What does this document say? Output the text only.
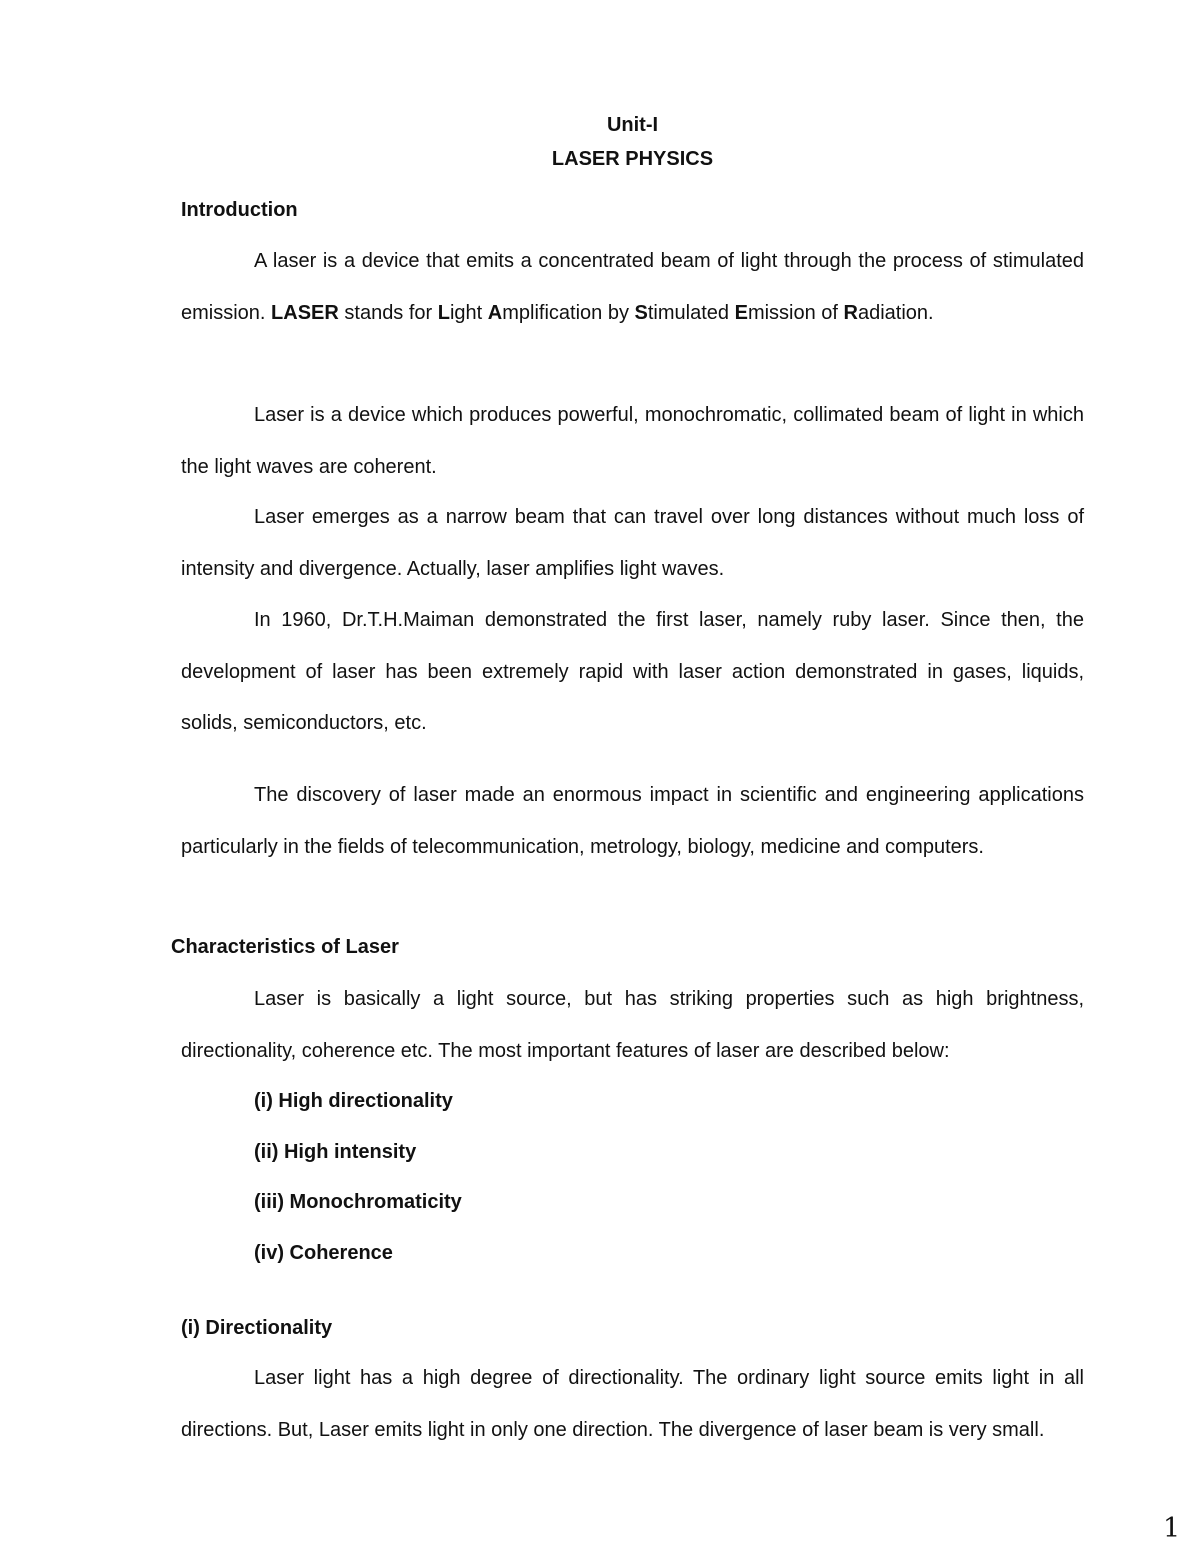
Unit-I
LASER PHYSICS
Introduction
A laser is a device that emits a concentrated beam of light through the process of stimulated emission. LASER stands for Light Amplification by Stimulated Emission of Radiation.
Laser is a device which produces powerful, monochromatic, collimated beam of light in which the light waves are coherent.
Laser emerges as a narrow beam that can travel over long distances without much loss of intensity and divergence. Actually, laser amplifies light waves.
In 1960, Dr.T.H.Maiman demonstrated the first laser, namely ruby laser. Since then, the development of laser has been extremely rapid with laser action demonstrated in gases, liquids, solids, semiconductors, etc.
The discovery of laser made an enormous impact in scientific and engineering applications particularly in the fields of telecommunication, metrology, biology, medicine and computers.
Characteristics of Laser
Laser is basically a light source, but has striking properties such as high brightness, directionality, coherence etc. The most important features of laser are described below:
(i) High directionality
(ii) High intensity
(iii) Monochromaticity
(iv) Coherence
(i) Directionality
Laser light has a high degree of directionality. The ordinary light source emits light in all directions. But, Laser emits light in only one direction. The divergence of laser beam is very small.
1
